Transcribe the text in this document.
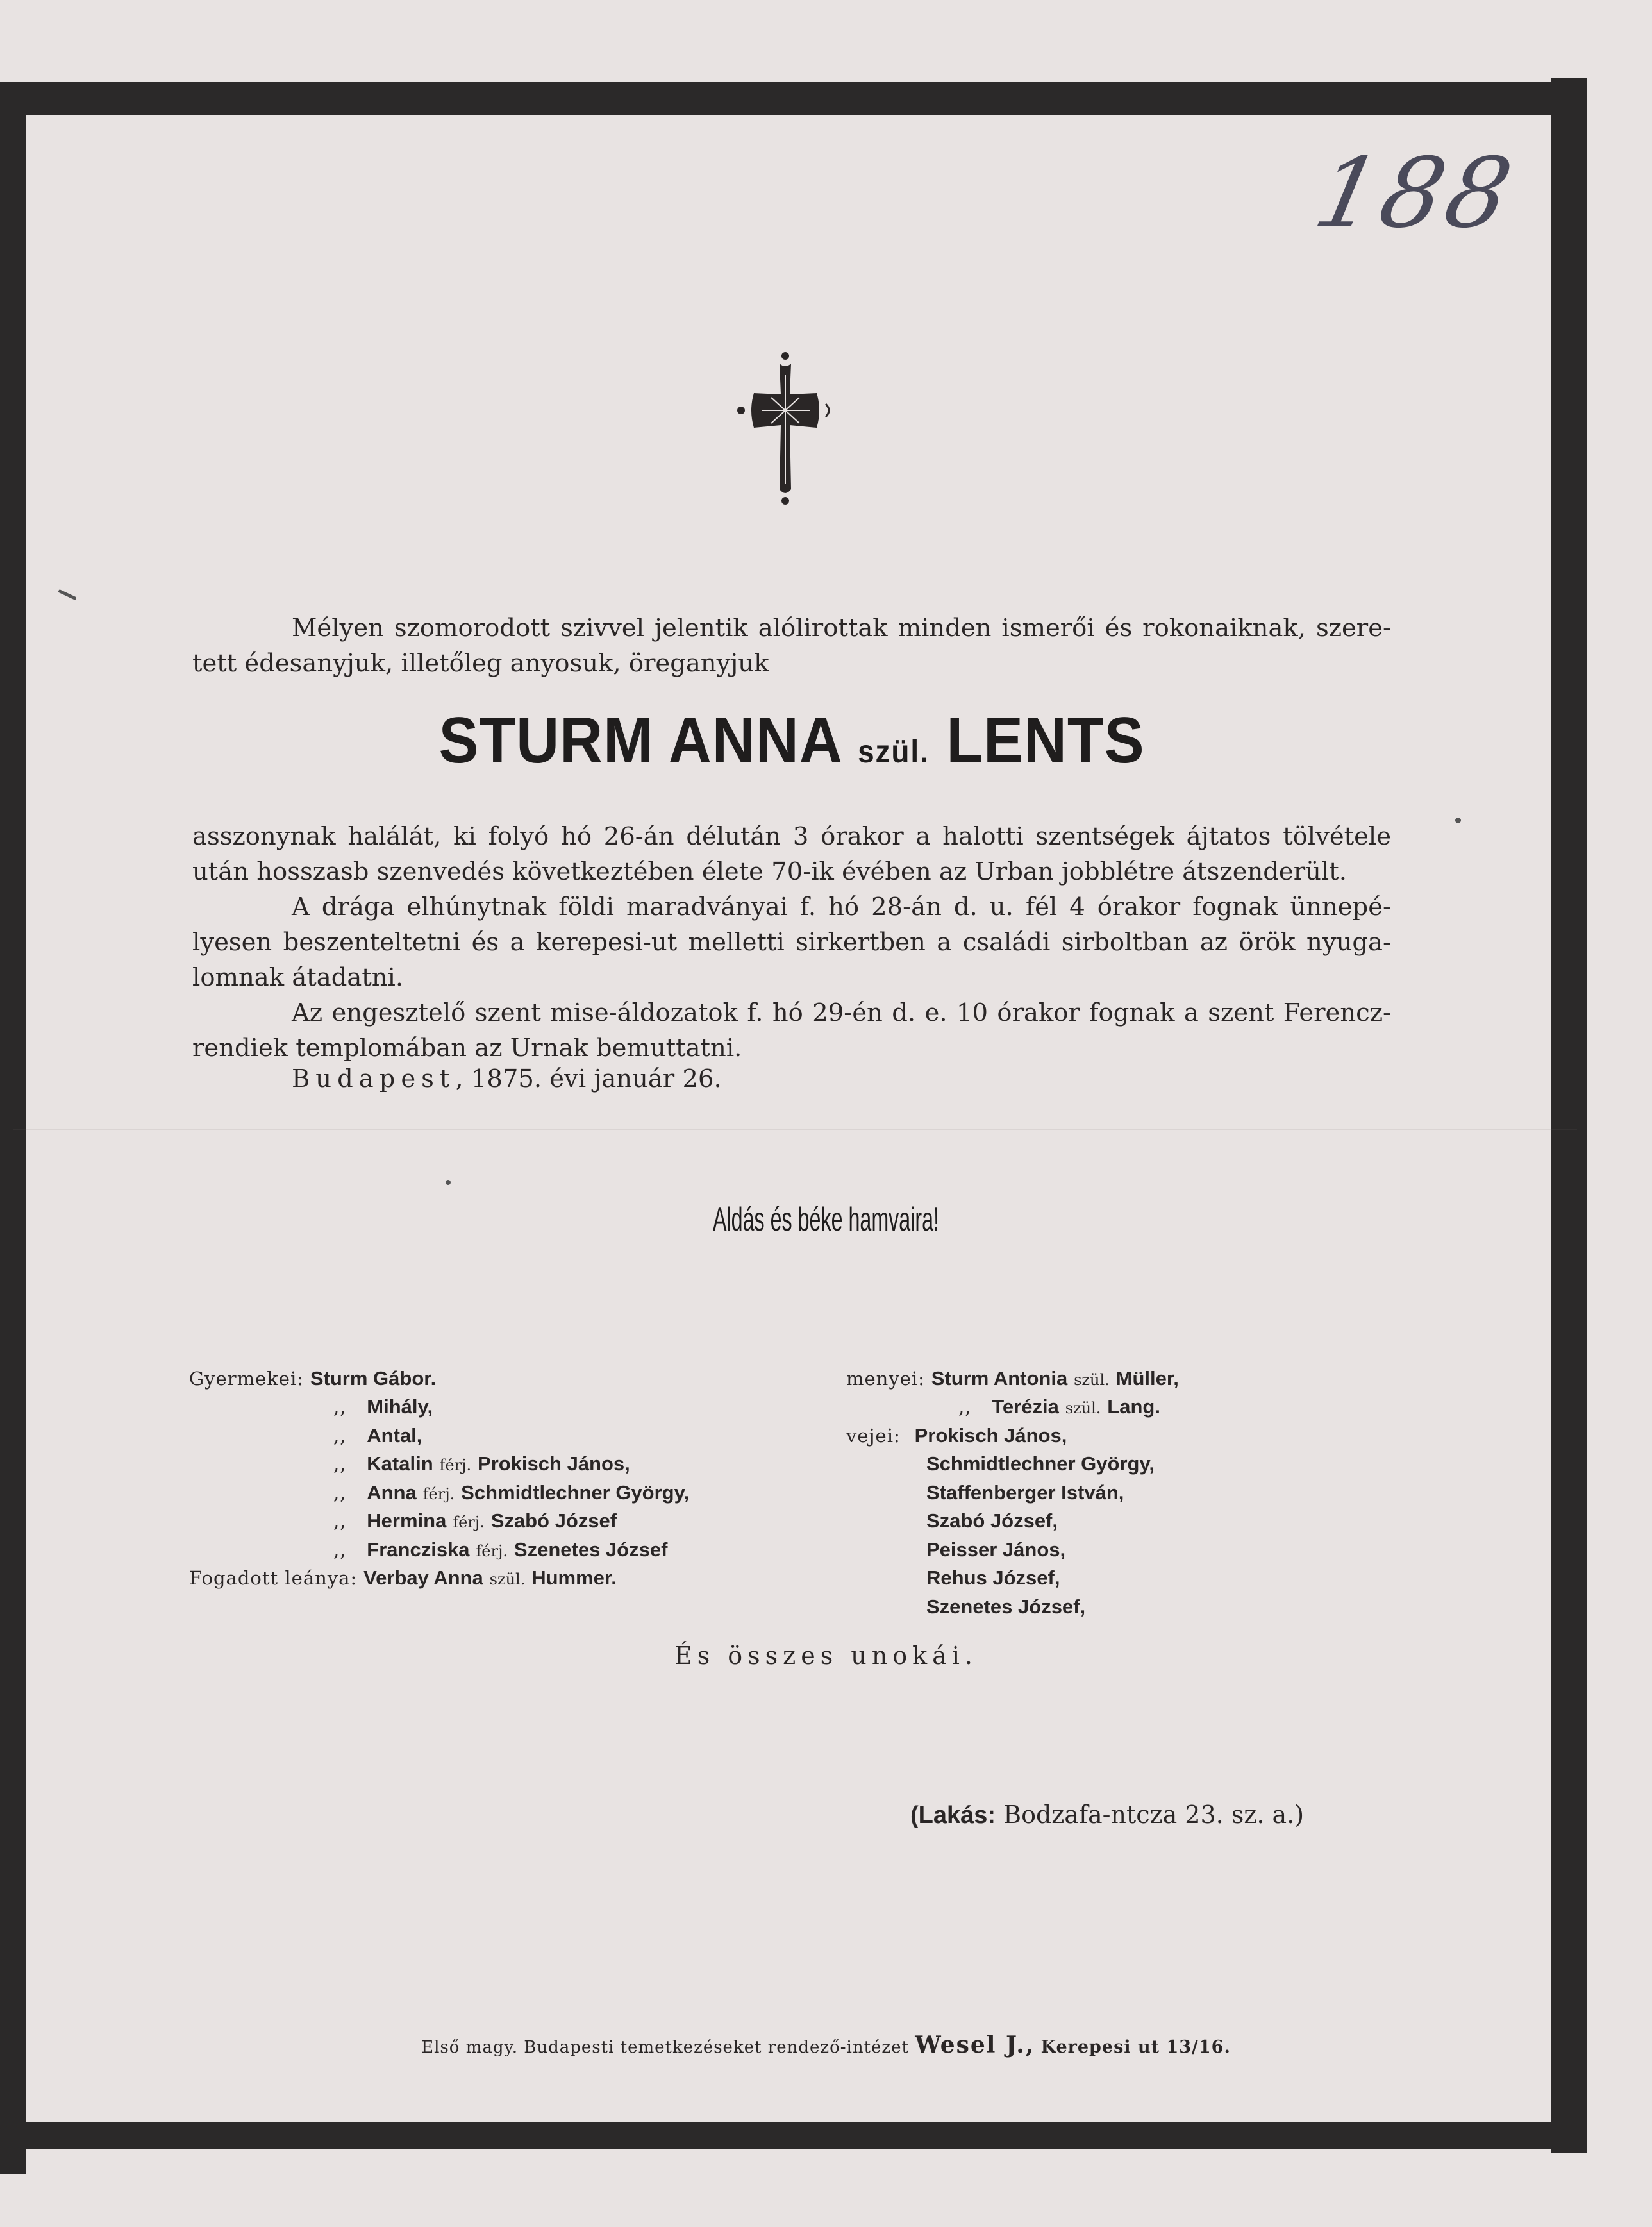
188
Mélyen szomorodott szivvel jelentik alólirottak minden ismerői és rokonaiknak, szere-
tett édesanyjuk, illetőleg anyosuk, öreganyjuk
STURM ANNA szül. LENTS
asszonynak halálát, ki folyó hó 26-án délután 3 órakor a halotti szentségek ájtatos tölvétele
után hosszasb szenvedés következtében élete 70-ik évében az Urban jobblétre átszenderült.
A drága elhúnytnak földi maradványai f. hó 28-án d. u. fél 4 órakor fognak ünnepé-
lyesen beszenteltetni és a kerepesi-ut melletti sirkertben a családi sirboltban az örök nyuga-
lomnak átadatni.
Az engesztelő szent mise-áldozatok f. hó 29-én d. e. 10 órakor fognak a szent Ferencz-
rendiek templomában az Urnak bemuttatni.
Budapest, 1875. évi január 26.
Aldás és béke hamvaira!
Gyermekei: Sturm Gábor.
,, Mihály,
,, Antal,
,, Katalin férj. Prokisch János,
,, Anna férj. Schmidtlechner György,
,, Hermina férj. Szabó József
,, Francziska férj. Szenetes József
Fogadott leánya: Verbay Anna szül. Hummer.
menyei: Sturm Antonia szül. Müller,
,, Terézia szül. Lang.
vejei: Prokisch János,
Schmidtlechner György,
Staffenberger István,
Szabó József,
Peisser János,
Rehus József,
Szenetes József,
És összes unokái.
(Lakás: Bodzafa-ntcza 23. sz. a.)
Első magy. Budapesti temetkezéseket rendező-intézet Wesel J., Kerepesi ut 13/16.
